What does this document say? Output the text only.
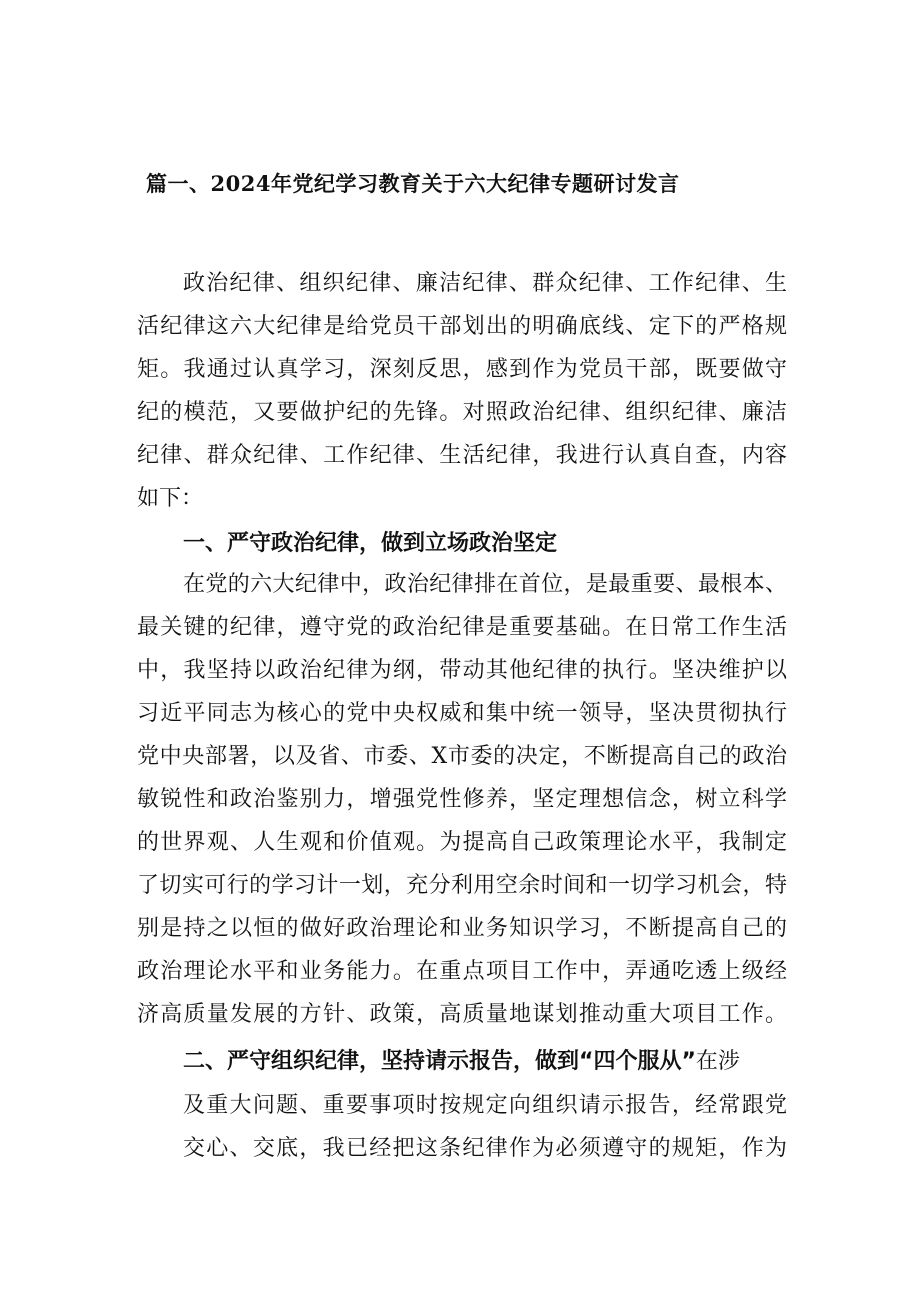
篇一、2024年党纪学习教育关于六大纪律专题研讨发言

政治纪律、组织纪律、廉洁纪律、群众纪律、工作纪律、生

活纪律这六大纪律是给党员干部划出的明确底线、定下的严格规

矩。我通过认真学习，深刻反思，感到作为党员干部，既要做守

纪的模范，又要做护纪的先锋。对照政治纪律、组织纪律、廉洁

纪律、群众纪律、工作纪律、生活纪律，我进行认真自查，内容

如下：

一、严守政治纪律，做到立场政治坚定

在党的六大纪律中，政治纪律排在首位，是最重要、最根本、

最关键的纪律，遵守党的政治纪律是重要基础。在日常工作生活

中，我坚持以政治纪律为纲，带动其他纪律的执行。坚决维护以

习近平同志为核心的党中央权威和集中统一领导，坚决贯彻执行

党中央部署，以及省、市委、X市委的决定，不断提高自己的政治

敏锐性和政治鉴别力，增强党性修养，坚定理想信念，树立科学

的世界观、人生观和价值观。为提高自己政策理论水平，我制定

了切实可行的学习计一划，充分利用空余时间和一切学习机会，特

别是持之以恒的做好政治理论和业务知识学习，不断提高自己的

政治理论水平和业务能力。在重点项目工作中，弄通吃透上级经

济高质量发展的方针、政策，高质量地谋划推动重大项目工作。

二、严守组织纪律，坚持请示报告，做到“四个服从”在涉

及重大问题、重要事项时按规定向组织请示报告，经常跟党

交心、交底，我已经把这条纪律作为必须遵守的规矩，作为
